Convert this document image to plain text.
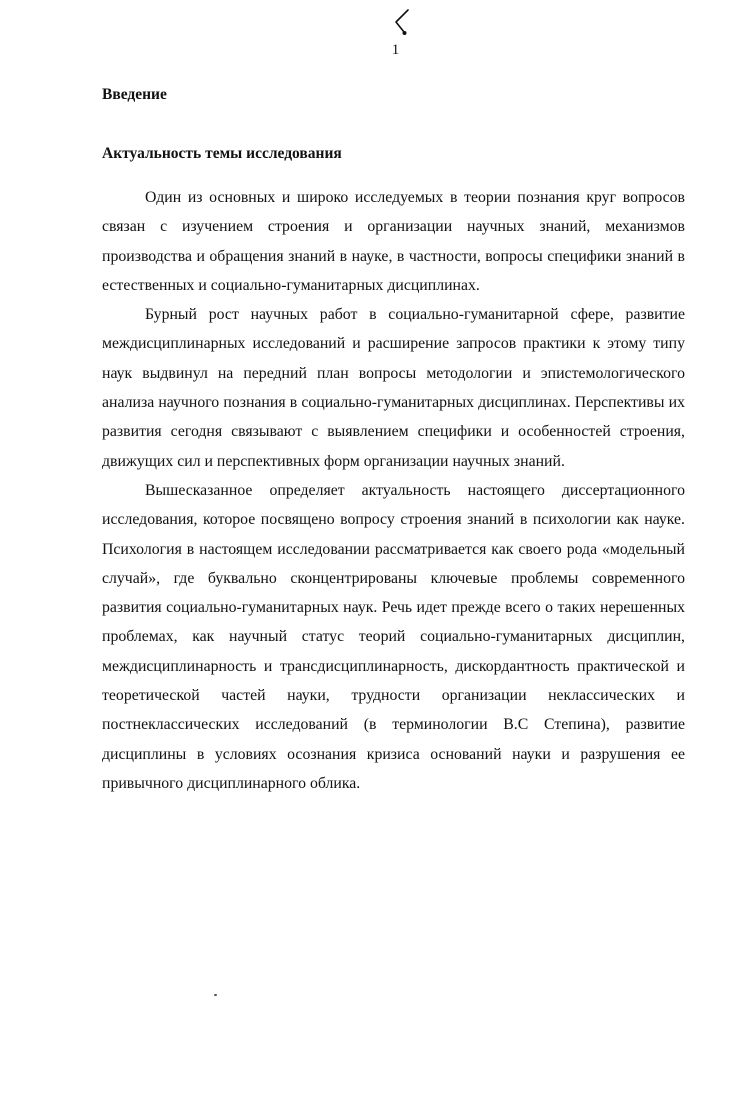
1
Введение
Актуальность темы исследования

Один из основных и широко исследуемых в теории познания круг вопросов связан с изучением строения и организации научных знаний, механизмов производства и обращения знаний в науке, в частности, вопросы специфики знаний в естественных и социально-гуманитарных дисциплинах.

Бурный рост научных работ в социально-гуманитарной сфере, развитие междисциплинарных исследований и расширение запросов практики к этому типу наук выдвинул на передний план вопросы методологии и эпистемологического анализа научного познания в социально-гуманитарных дисциплинах. Перспективы их развития сегодня связывают с выявлением специфики и особенностей строения, движущих сил и перспективных форм организации научных знаний.

Вышесказанное определяет актуальность настоящего диссертационного исследования, которое посвящено вопросу строения знаний в психологии как науке. Психология в настоящем исследовании рассматривается как своего рода «модельный случай», где буквально сконцентрированы ключевые проблемы современного развития социально-гуманитарных наук. Речь идет прежде всего о таких нерешенных проблемах, как научный статус теорий социально-гуманитарных дисциплин, междисциплинарность и трансдисциплинарность, дискордантность практической и теоретической частей науки, трудности организации неклассических и постнеклассических исследований (в терминологии В.С Степина), развитие дисциплины в условиях осознания кризиса оснований науки и разрушения ее привычного дисциплинарного облика.
